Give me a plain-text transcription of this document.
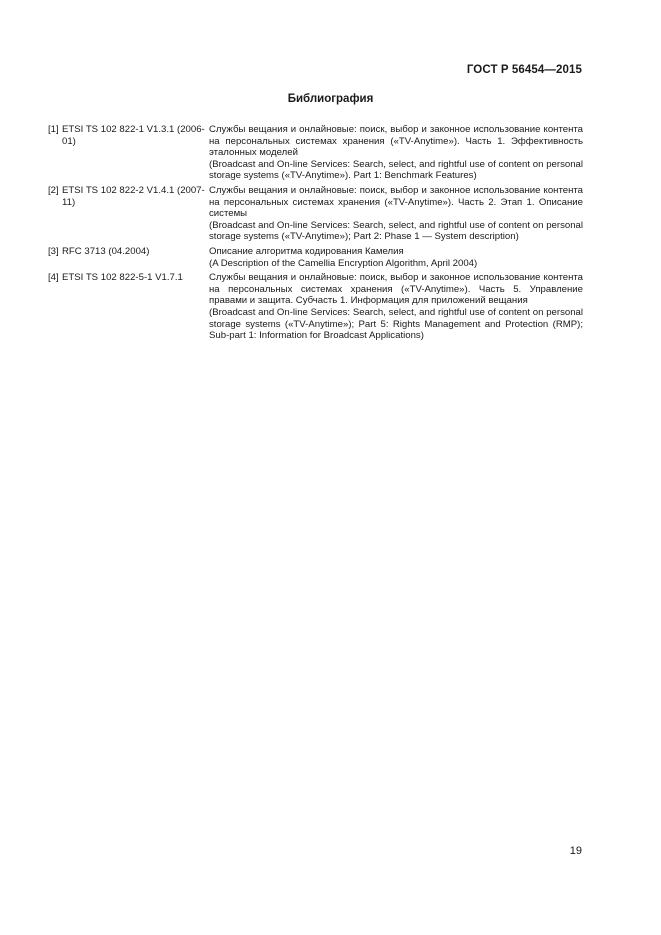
ГОСТ Р 56454—2015
Библиография
[1] ETSI TS 102 822-1 V1.3.1 (2006-01)
Службы вещания и онлайновые: поиск, выбор и законное использование контента на персональных системах хранения («TV-Anytime»). Часть 1. Эффективность эталонных моделей
(Broadcast and On-line Services: Search, select, and rightful use of content on personal storage systems («TV-Anytime»). Part 1: Benchmark Features)
[2] ETSI TS 102 822-2 V1.4.1 (2007-11)
Службы вещания и онлайновые: поиск, выбор и законное использование контента на персональных системах хранения («TV-Anytime»). Часть 2. Этап 1. Описание системы
(Broadcast and On-line Services: Search, select, and rightful use of content on personal storage systems («TV-Anytime»); Part 2: Phase 1 — System description)
[3] RFC 3713 (04.2004)	Описание алгоритма кодирования Камелия
(A Description of the Camellia Encryption Algorithm, April 2004)
[4] ETSI TS 102 822-5-1 V1.7.1	Службы вещания и онлайновые: поиск, выбор и законное использование контента на персональных системах хранения («TV-Anytime»). Часть 5. Управление правами и защита. Субчасть 1. Информация для приложений вещания
(Broadcast and On-line Services: Search, select, and rightful use of content on personal storage systems («TV-Anytime»); Part 5: Rights Management and Protection (RMP); Sub-part 1: Information for Broadcast Applications)
19
